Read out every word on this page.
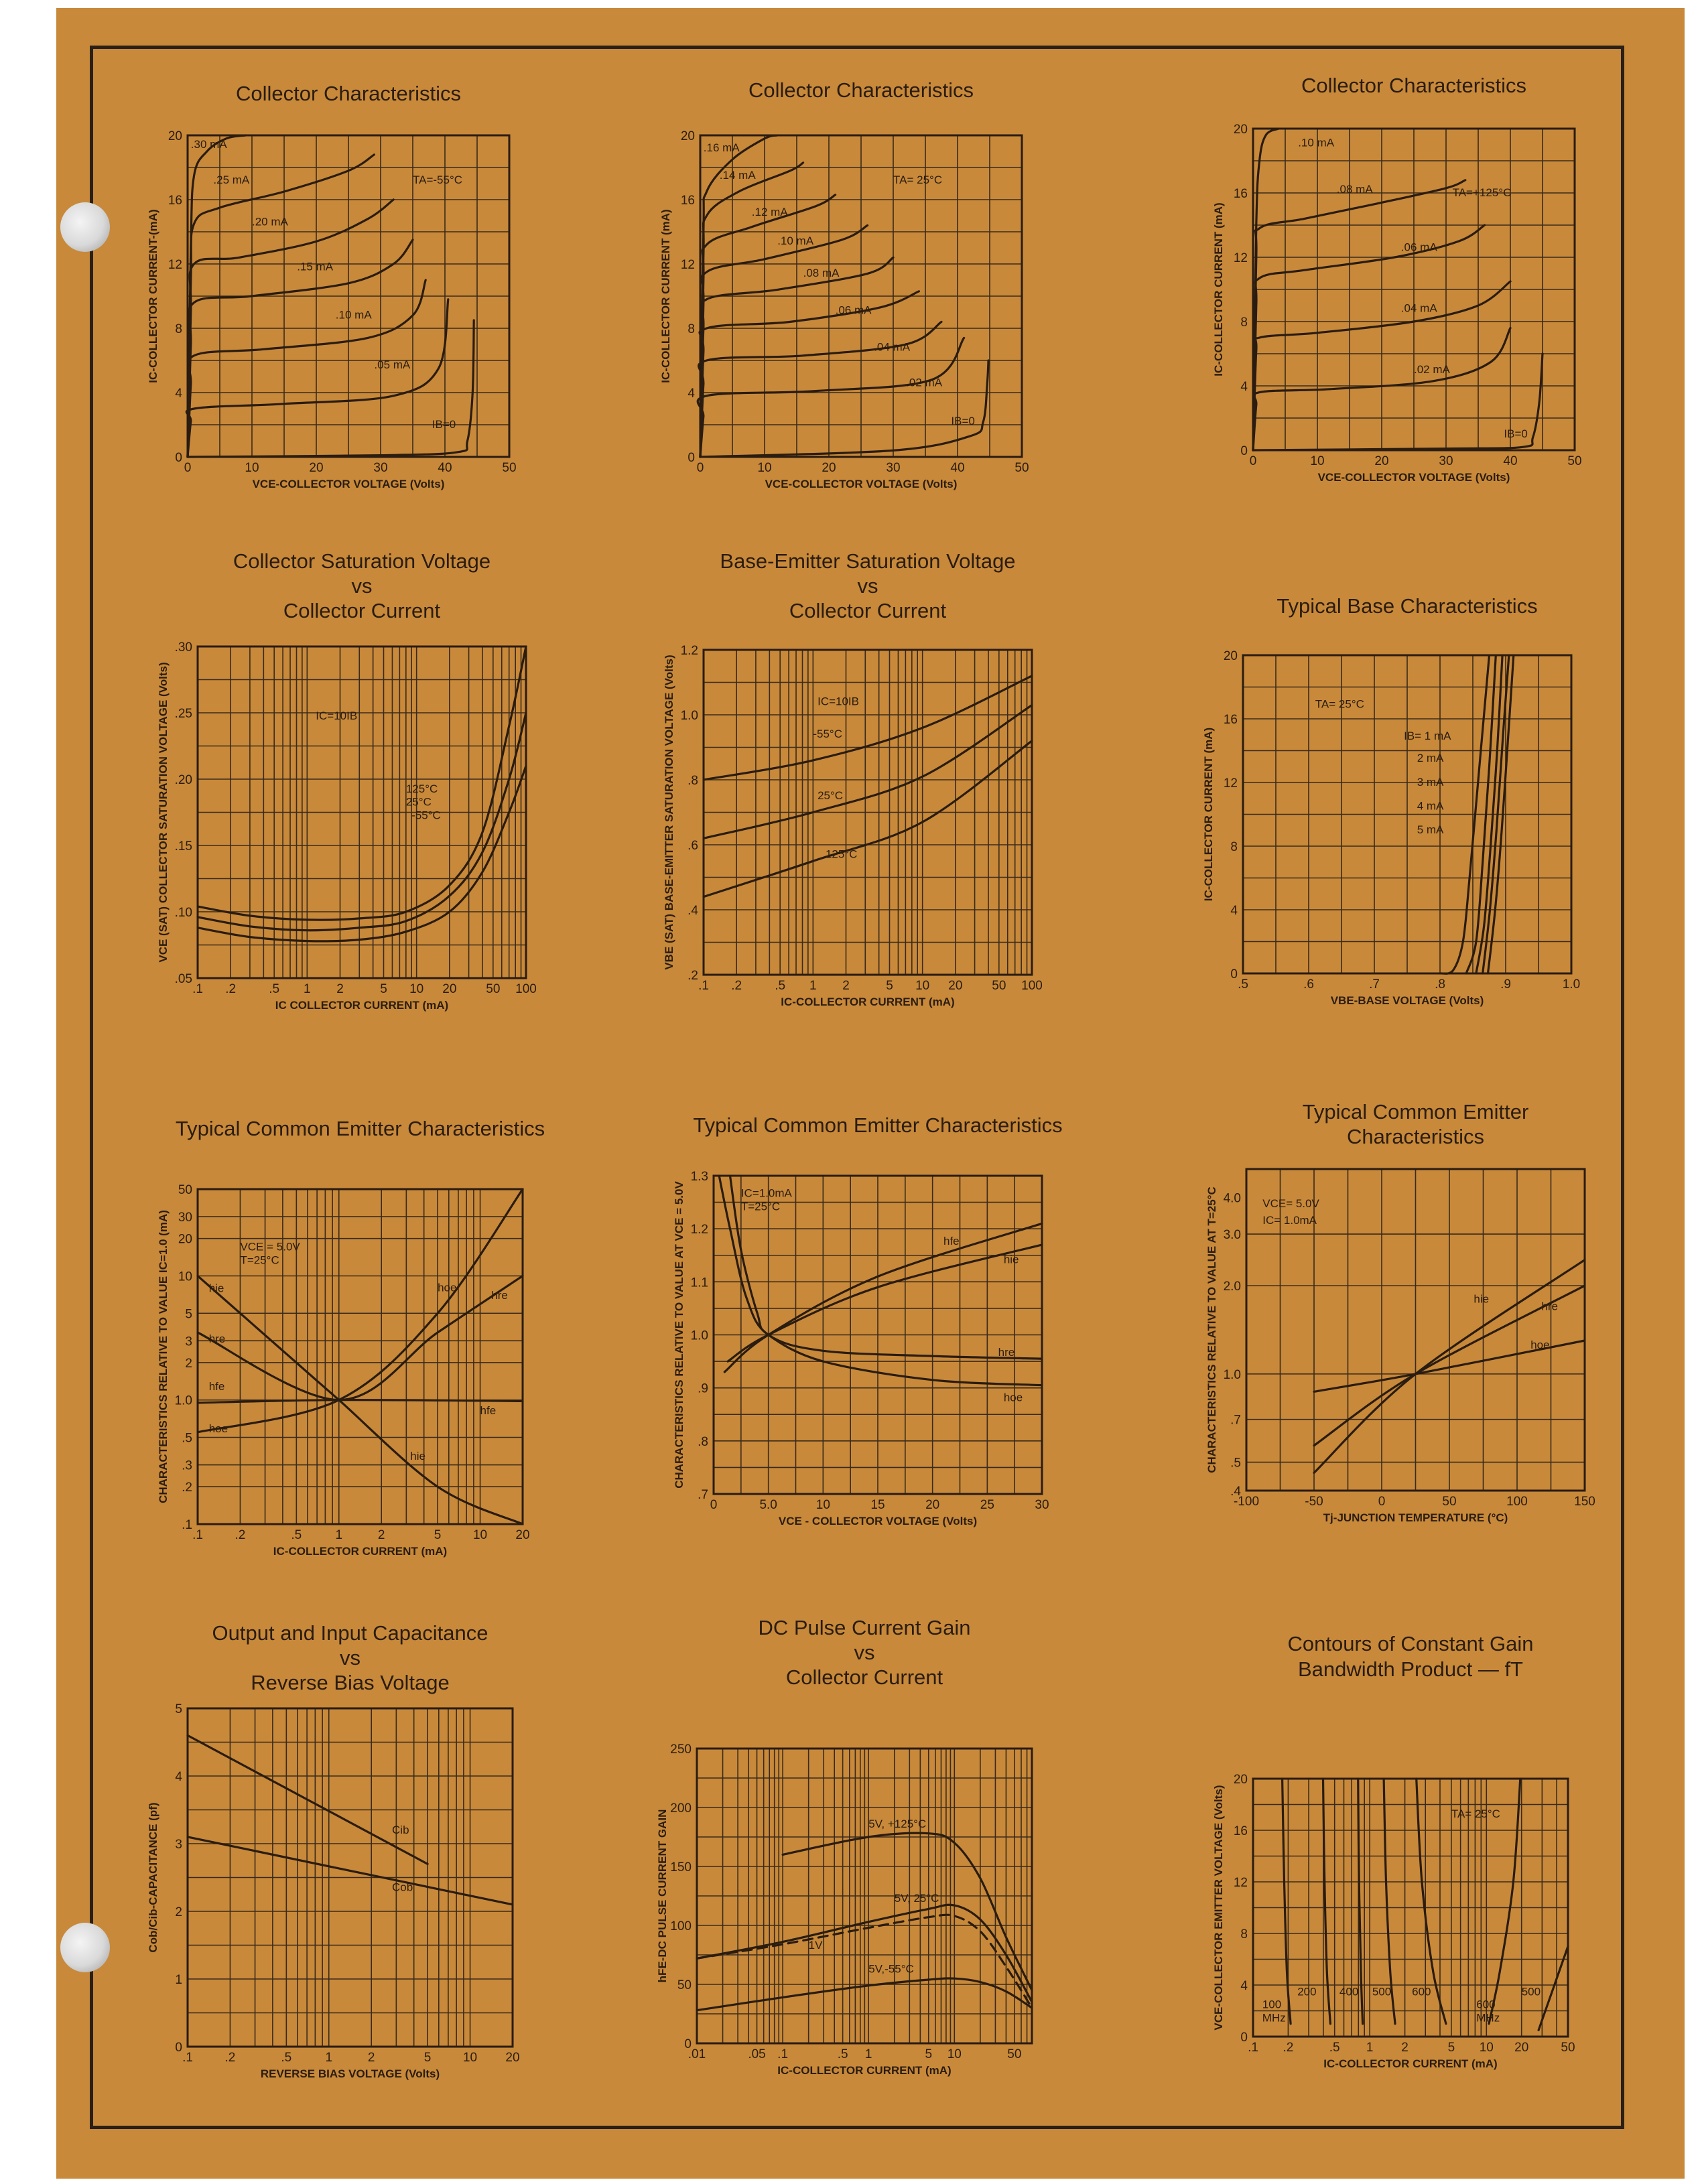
Collector Characteristics
0	10	20	30	40	50
0
4
8
12
16
20
VCE-COLLECTOR VOLTAGE (Volts)
IC-COLLECTOR CURRENT-(mA)
.30 mA
.25 mA
.20 mA
.15 mA
.10 mA
.05 mA
IB=0
TA=-55°C
Collector Characteristics
0	10	20	30	40	50
0
4
8
12
16
20
VCE-COLLECTOR VOLTAGE (Volts)
IC-COLLECTOR CURRENT (mA)
.16 mA
.14 mA
.12 mA
.10 mA
.08 mA
.06 mA
.04 mA
.02 mA
IB=0
TA= 25°C
Collector Characteristics
0	10	20	30	40	50
0
4
8
12
16
20
VCE-COLLECTOR VOLTAGE (Volts)
IC-COLLECTOR CURRENT (mA)
.10 mA
.08 mA
.06 mA
.04 mA
.02 mA
IB=0
TA=+125°C
Collector Saturation Voltage
vs
Collector Current
.1 .2	.5 1 2	5 10 20 50 100
.05
.10
.15
.20
.25
.30
IC COLLECTOR CURRENT (mA)
VCE (SAT) COLLECTOR SATURATION VOLTAGE (Volts)	125°C
25°C
-55°C
IC=10IB
Base-Emitter Saturation Voltage
vs
Collector Current
.1 .2	.5 1 2	5 10 20 50 100
.2
.4
.6
.8
1.0
1.2
IC-COLLECTOR CURRENT (mA)
VBE (SAT) BASE-EMITTER SATURATION VOLTAGE (Volts)	-55°C
25°C
125°C
IC=10IB
Typical Base Characteristics
.5	.6	.7	.8	.9	1.0
0
4
8
12
16
20
VBE-BASE VOLTAGE (Volts)
IC-COLLECTOR CURRENT (mA)	IB= 1 mA
2 mA
3 mA
4 mA
5 mA
TA= 25°C
Typical Common Emitter Characteristics
.1	.2	.5	1	2	5	10 20
.1
.2
.3
.5
1.0
2
3
5
10
20
30
50
IC-COLLECTOR CURRENT (mA)
CHARACTERISTICS RELATIVE TO VALUE IC=1.0 (mA)	hie
hie
hre
hre
hoe
hoe
hfe
hfe
VCE = 5.0V
T=25°C
Typical Common Emitter Characteristics
0	5.0	10	15	20	25	30
.7
.8
.9
1.0
1.1
1.2
1.3
VCE - COLLECTOR VOLTAGE (Volts)
CHARACTERISTICS RELATIVE TO VALUE AT VCE = 5.0V	hfe
hie
hre
hoe
IC=1.0mA
T=25°C
Typical Common Emitter
Characteristics
-100	-50	0	50	100	150
.4
.5
.7
1.0
2.0
3.0
4.0
Tj-JUNCTION TEMPERATURE (°C)
CHARACTERISTICS RELATIVE TO VALUE AT T=25°C	hie
hre
hoe
VCE= 5.0V
IC= 1.0mA
Output and Input Capacitance
vs
Reverse Bias Voltage
.1	.2	.5	1	2	5	10 20
0
1
2
3
4
5
REVERSE BIAS VOLTAGE (Volts)
Cob/Cib-CAPACITANCE (pf)	Cib
Cob
DC Pulse Current Gain
vs
Collector Current
.01	.05 .1	.5 1	5 10	50
0
50
100
150
200
250
IC-COLLECTOR CURRENT (mA)
hFE-DC PULSE CURRENT GAIN	5V, +125°C
5V, 25°C
1V
5V,-55°C
Contours of Constant Gain
Bandwidth Product — fT
.1 .2	.5 1 2	5 10 20	50
0
4
8
12
16
20
IC-COLLECTOR CURRENT (mA)
VCE-COLLECTOR EMITTER VOLTAGE (Volts)	100
MHz
200 400 500 600
600
MHz
500
TA= 25°C
